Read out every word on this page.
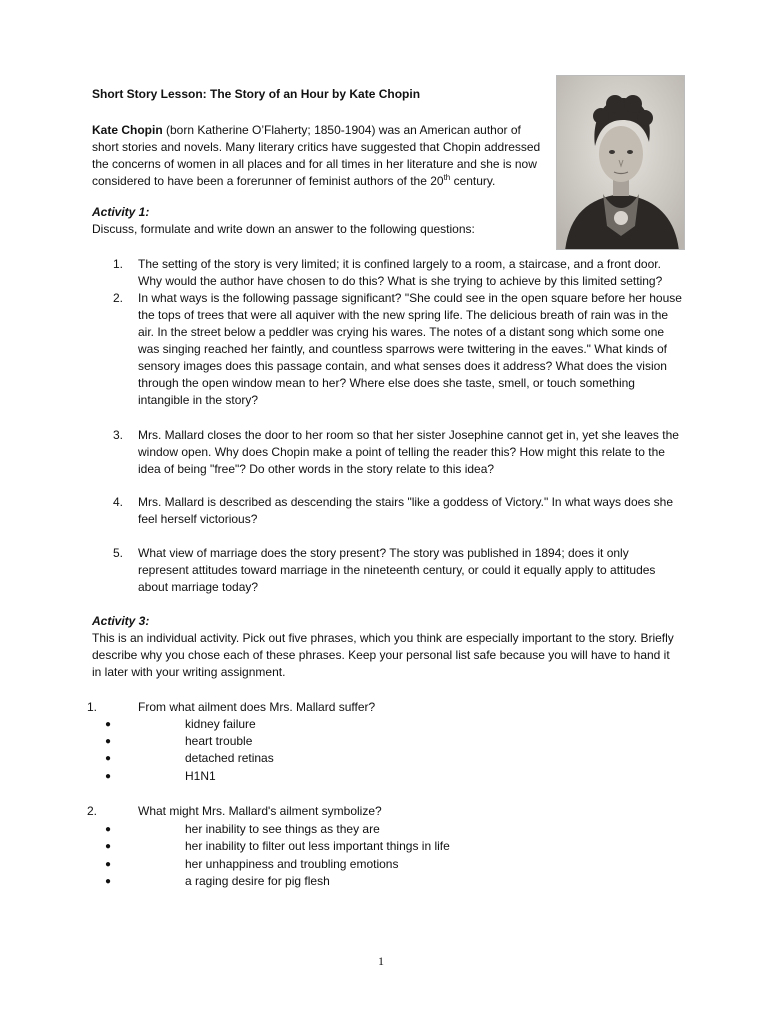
Short Story Lesson: The Story of an Hour by Kate Chopin
Kate Chopin (born Katherine O’Flaherty; 1850-1904) was an American author of short stories and novels. Many literary critics have suggested that Chopin addressed the concerns of women in all places and for all times in her literature and she is now considered to have been a forerunner of feminist authors of the 20th century.
Activity 1:
Discuss, formulate and write down an answer to the following questions:
1. The setting of the story is very limited; it is confined largely to a room, a staircase, and a front door. Why would the author have chosen to do this? What is she trying to achieve by this limited setting?
2. In what ways is the following passage significant? "She could see in the open square before her house the tops of trees that were all aquiver with the new spring life. The delicious breath of rain was in the air. In the street below a peddler was crying his wares. The notes of a distant song which some one was singing reached her faintly, and countless sparrows were twittering in the eaves." What kinds of sensory images does this passage contain, and what senses does it address? What does the vision through the open window mean to her? Where else does she taste, smell, or touch something intangible in the story?
3. Mrs. Mallard closes the door to her room so that her sister Josephine cannot get in, yet she leaves the window open. Why does Chopin make a point of telling the reader this? How might this relate to the idea of being "free"? Do other words in the story relate to this idea?
4. Mrs. Mallard is described as descending the stairs "like a goddess of Victory." In what ways does she feel herself victorious?
5. What view of marriage does the story present? The story was published in 1894; does it only represent attitudes toward marriage in the nineteenth century, or could it equally apply to attitudes about marriage today?
Activity 3:
This is an individual activity. Pick out five phrases, which you think are especially important to the story. Briefly describe why you chose each of these phrases. Keep your personal list safe because you will have to hand it in later with your writing assignment.
1.	From what ailment does Mrs. Mallard suffer?
●	kidney failure
●	heart trouble
●	detached retinas
●	H1N1
2.	What might Mrs. Mallard's ailment symbolize?
●	her inability to see things as they are
●	her inability to filter out less important things in life
●	her unhappiness and troubling emotions
●	a raging desire for pig flesh
1
